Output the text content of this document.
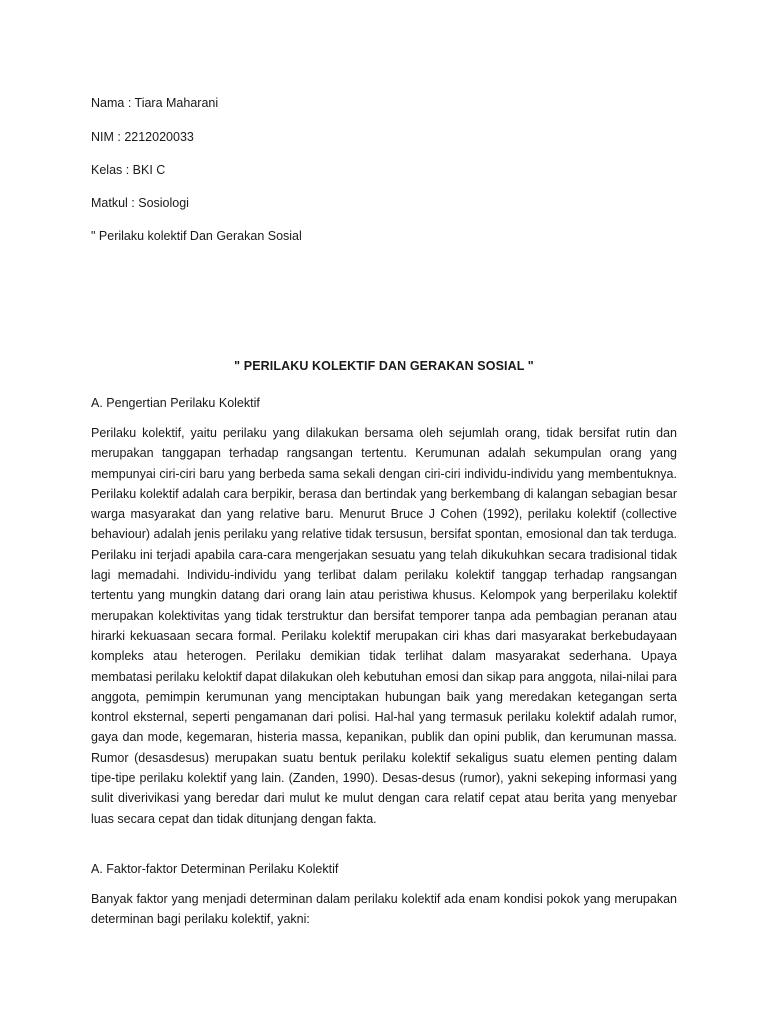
Nama : Tiara Maharani
NIM : 2212020033
Kelas : BKI C
Matkul : Sosiologi
" Perilaku kolektif Dan Gerakan Sosial
" PERILAKU KOLEKTIF DAN GERAKAN SOSIAL "
A. Pengertian Perilaku Kolektif
Perilaku kolektif, yaitu perilaku yang dilakukan bersama oleh sejumlah orang, tidak bersifat rutin dan merupakan tanggapan terhadap rangsangan tertentu. Kerumunan adalah sekumpulan orang yang mempunyai ciri-ciri baru yang berbeda sama sekali dengan ciri-ciri individu-individu yang membentuknya. Perilaku kolektif adalah cara berpikir, berasa dan bertindak yang berkembang di kalangan sebagian besar warga masyarakat dan yang relative baru. Menurut Bruce J Cohen (1992), perilaku kolektif (collective behaviour) adalah jenis perilaku yang relative tidak tersusun, bersifat spontan, emosional dan tak terduga. Perilaku ini terjadi apabila cara-cara mengerjakan sesuatu yang telah dikukuhkan secara tradisional tidak lagi memadahi. Individu-individu yang terlibat dalam perilaku kolektif tanggap terhadap rangsangan tertentu yang mungkin datang dari orang lain atau peristiwa khusus. Kelompok yang berperilaku kolektif merupakan kolektivitas yang tidak terstruktur dan bersifat temporer tanpa ada pembagian peranan atau hirarki kekuasaan secara formal. Perilaku kolektif merupakan ciri khas dari masyarakat berkebudayaan kompleks atau heterogen. Perilaku demikian tidak terlihat dalam masyarakat sederhana. Upaya membatasi perilaku keloktif dapat dilakukan oleh kebutuhan emosi dan sikap para anggota, nilai-nilai para anggota, pemimpin kerumunan yang menciptakan hubungan baik yang meredakan ketegangan serta kontrol eksternal, seperti pengamanan dari polisi. Hal-hal yang termasuk perilaku kolektif adalah rumor, gaya dan mode, kegemaran, histeria massa, kepanikan, publik dan opini publik, dan kerumunan massa. Rumor (desasdesus) merupakan suatu bentuk perilaku kolektif sekaligus suatu elemen penting dalam tipe-tipe perilaku kolektif yang lain. (Zanden, 1990). Desas-desus (rumor), yakni sekeping informasi yang sulit diverivikasi yang beredar dari mulut ke mulut dengan cara relatif cepat atau berita yang menyebar luas secara cepat dan tidak ditunjang dengan fakta.
A. Faktor-faktor Determinan Perilaku Kolektif
Banyak faktor yang menjadi determinan dalam perilaku kolektif ada enam kondisi pokok yang merupakan determinan bagi perilaku kolektif, yakni:
